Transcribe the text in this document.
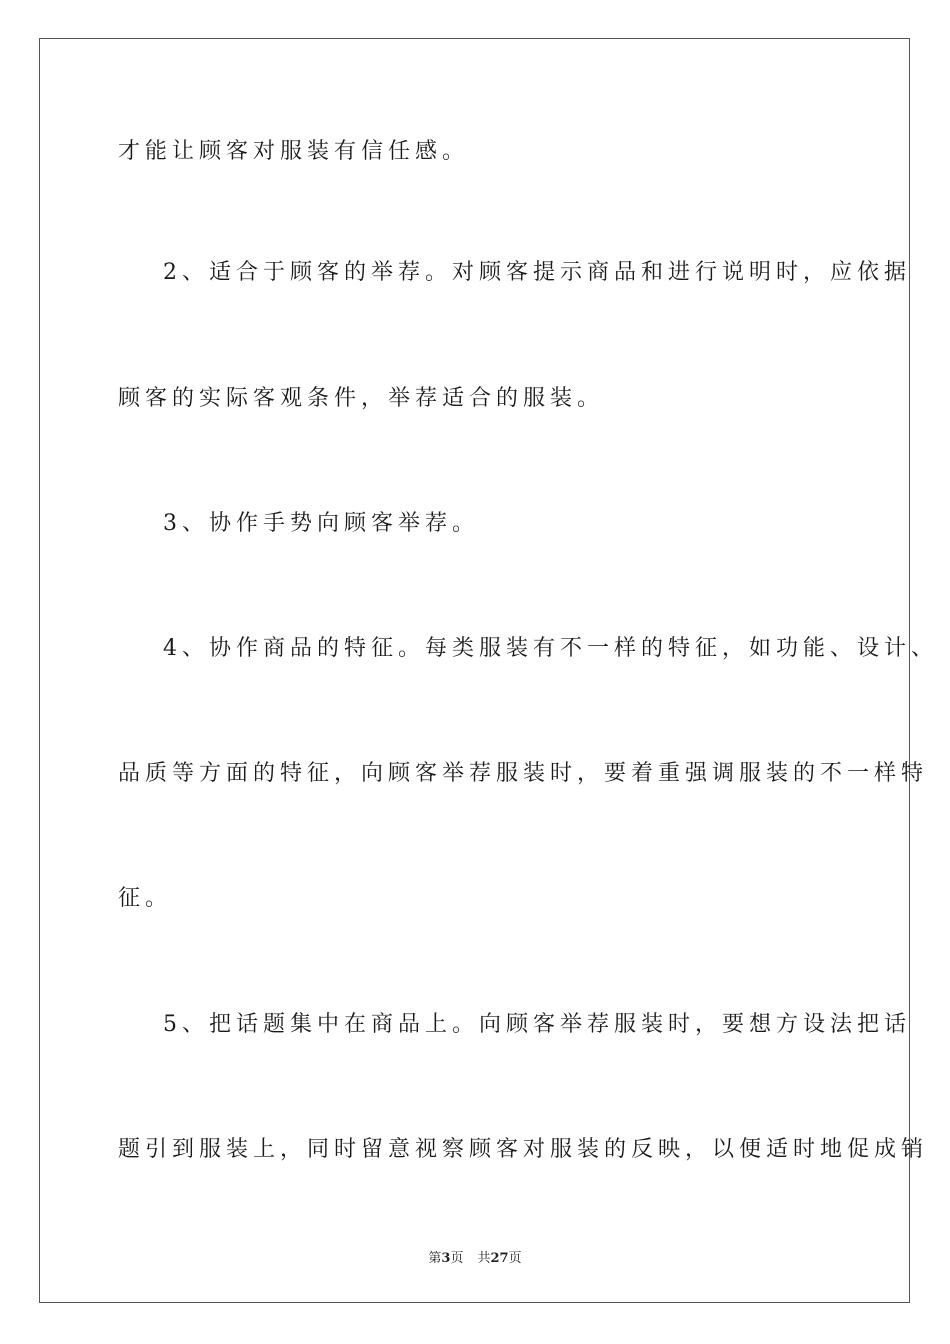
才能让顾客对服装有信任感。
2、适合于顾客的举荐。对顾客提示商品和进行说明时，应依据
顾客的实际客观条件，举荐适合的服装。
3、协作手势向顾客举荐。
4、协作商品的特征。每类服装有不一样的特征，如功能、设计、
品质等方面的特征，向顾客举荐服装时，要着重强调服装的不一样特
征。
5、把话题集中在商品上。向顾客举荐服装时，要想方设法把话
题引到服装上，同时留意视察顾客对服装的反映，以便适时地促成销
第3页 共27页
